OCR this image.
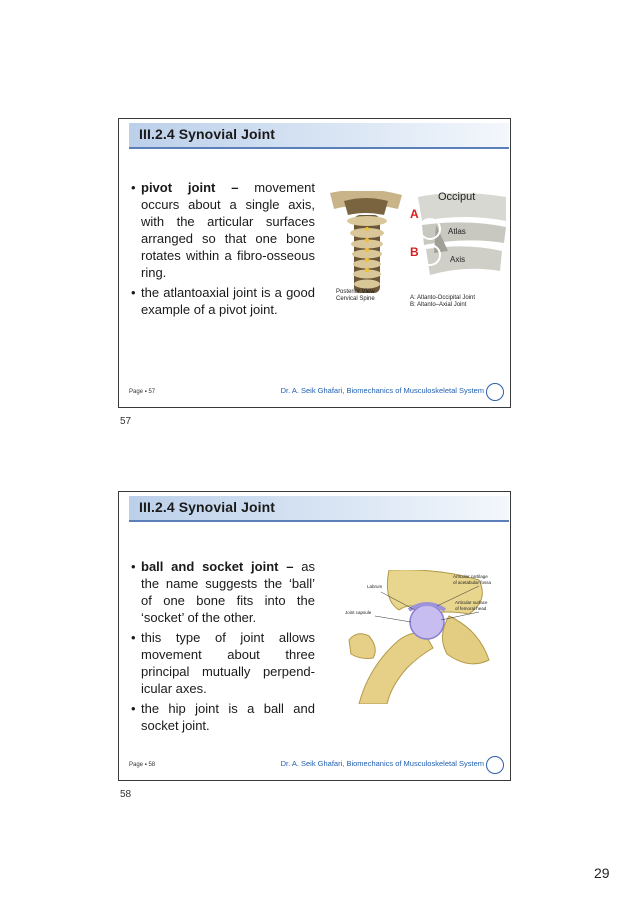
III.2.4 Synovial Joint
• pivot joint – movement occurs about a single axis, with the articular surfaces arranged so that one bone rotates within a fibro-osseous ring.
• the atlantoaxial joint is a good example of a pivot joint.
Occiput
Atlas
Axis
A
B
Posterior View
Cervical Spine	A: Atlanto-Occipital Joint
B: Altanto–Axial Joint
Page ▪ 57	Dr. A. Seik Ghafari, Biomechanics of Musculoskeletal System
57
III.2.4 Synovial Joint
• ball and socket joint – as the name suggests the ‘ball’ of one bone fits into the ‘socket’ of the other.
• this type of joint allows movement about three principal mutually perpend-icular axes.
• the hip joint is a ball and socket joint.
Labrum
Joint capsule
Articular cartilage
of acetabular fossa
Articular surface
of femoral head
Page ▪ 58	Dr. A. Seik Ghafari, Biomechanics of Musculoskeletal System
58
29
